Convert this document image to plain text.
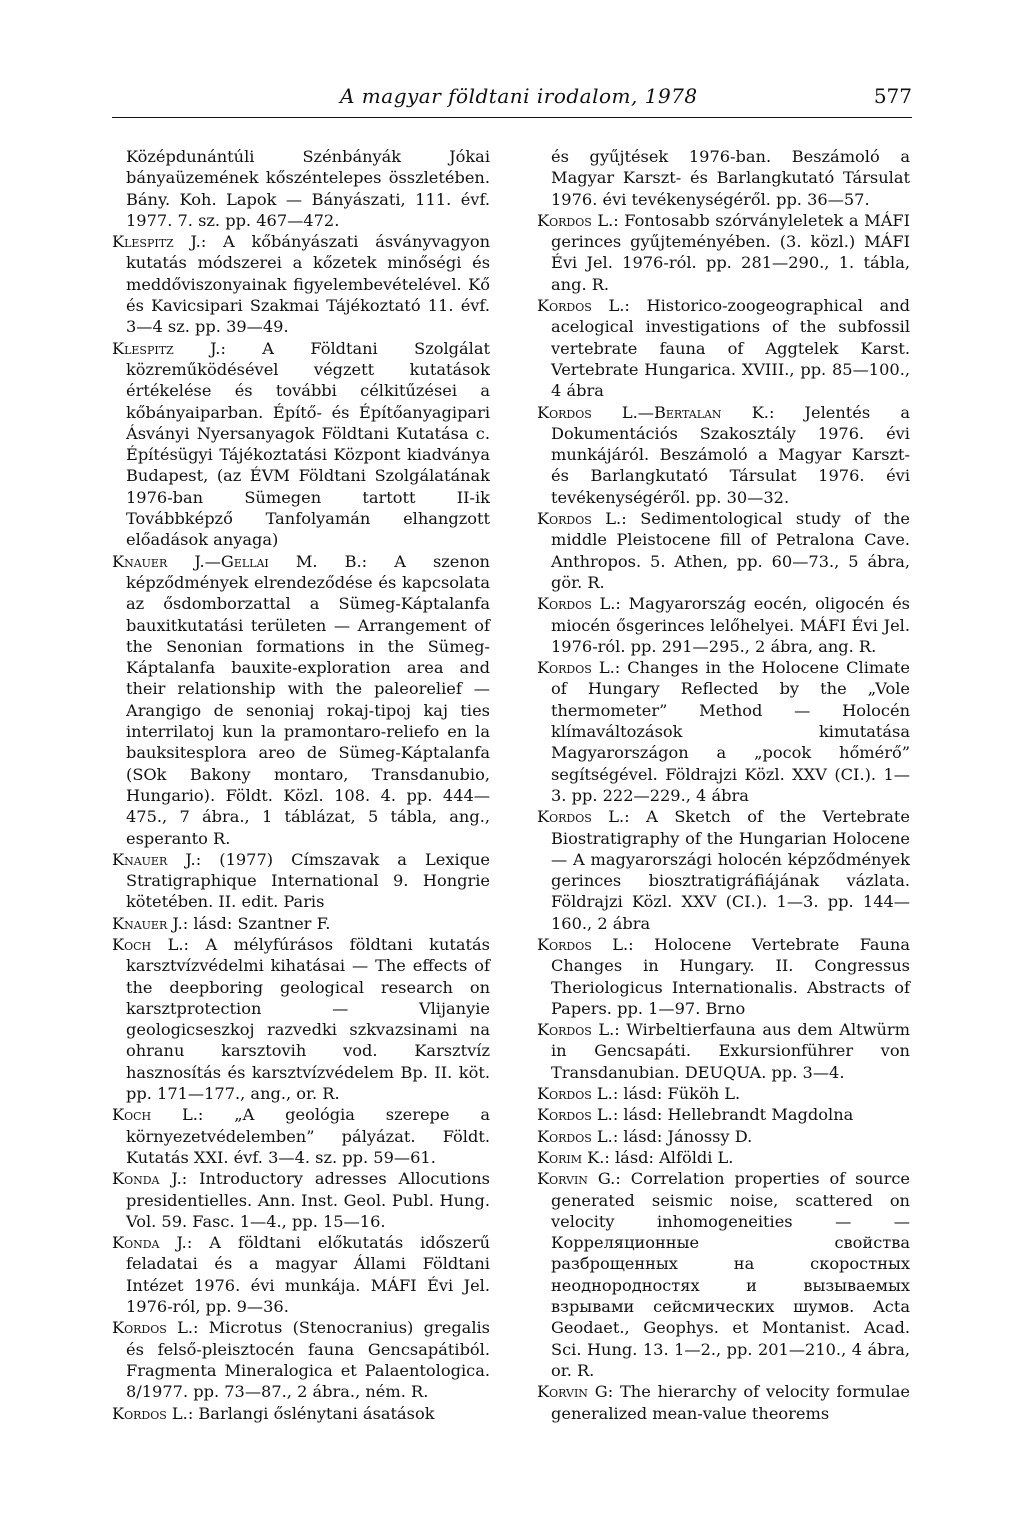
A magyar földtani irodalom, 1978	577

Középdunántúli Szénbányák Jókai bányaüzemének kőszéntelepes összletében. Bány. Koh. Lapok — Bányászati, 111. évf. 1977. 7. sz. pp. 467—472.

Klespitz J.: A kőbányászati ásványvagyon kutatás módszerei a kőzetek minőségi és meddőviszonyainak figyelembevételével. Kő és Kavicsipari Szakmai Tájékoztató 11. évf. 3—4 sz. pp. 39—49.

Klespitz J.: A Földtani Szolgálat közreműködésével végzett kutatások értékelése és további célkitűzései a kőbányaiparban. Építő- és Építőanyagipari Ásványi Nyersanyagok Földtani Kutatása c. Építésügyi Tájékoztatási Központ kiadványa Budapest, (az ÉVM Földtani Szolgálatának 1976-ban Sümegen tartott II-ik Továbbképző Tanfolyamán elhangzott előadások anyaga)

Knauer J.—Gellai M. B.: A szenon képződmények elrendeződése és kapcsolata az ősdomborzattal a Sümeg-Káptalanfa bauxitkutatási területen — Arrangement of the Senonian formations in the Sümeg-Káptalanfa bauxite-exploration area and their relationship with the paleorelief — Arangigo de senoniaj rokaj-tipoj kaj ties interrilatoj kun la pramontaro-reliefo en la bauksitesplora areo de Sümeg-Káptalanfa (SOk Bakony montaro, Transdanubio, Hungario). Földt. Közl. 108. 4. pp. 444—475., 7 ábra., 1 táblázat, 5 tábla, ang., esperanto R.

Knauer J.: (1977) Címszavak a Lexique Stratigraphique International 9. Hongrie kötetében. II. edit. Paris

Knauer J.: lásd: Szantner F.

Koch L.: A mélyfúrásos földtani kutatás karsztvízvédelmi kihatásai — The effects of the deepboring geological research on karsztprotection — Vlijanyie geologicseszkoj razvedki szkvazsinami na ohranu karsztovih vod. Karsztvíz hasznosítás és karsztvízvédelem Bp. II. köt. pp. 171—177., ang., or. R.

Koch L.: „A geológia szerepe a környezetvédelemben” pályázat. Földt. Kutatás XXI. évf. 3—4. sz. pp. 59—61.

Konda J.: Introductory adresses Allocutions presidentielles. Ann. Inst. Geol. Publ. Hung. Vol. 59. Fasc. 1—4., pp. 15—16.

Konda J.: A földtani előkutatás időszerű feladatai és a magyar Állami Földtani Intézet 1976. évi munkája. MÁFI Évi Jel. 1976-ról, pp. 9—36.

Kordos L.: Microtus (Stenocranius) gregalis és felső-pleisztocén fauna Gencsapátiból. Fragmenta Mineralogica et Palaentologica. 8/1977. pp. 73—87., 2 ábra., ném. R.

Kordos L.: Barlangi őslénytani ásatások

és gyűjtések 1976-ban. Beszámoló a Magyar Karszt- és Barlangkutató Társulat 1976. évi tevékenységéről. pp. 36—57.

Kordos L.: Fontosabb szórványleletek a MÁFI gerinces gyűjteményében. (3. közl.) MÁFI Évi Jel. 1976-ról. pp. 281—290., 1. tábla, ang. R.

Kordos L.: Historico-zoogeographical and acelogical investigations of the subfossil vertebrate fauna of Aggtelek Karst. Vertebrate Hungarica. XVIII., pp. 85—100., 4 ábra

Kordos L.—Bertalan K.: Jelentés a Dokumentációs Szakosztály 1976. évi munkájáról. Beszámoló a Magyar Karszt- és Barlangkutató Társulat 1976. évi tevékenységéről. pp. 30—32.

Kordos L.: Sedimentological study of the middle Pleistocene fill of Petralona Cave. Anthropos. 5. Athen, pp. 60—73., 5 ábra, gör. R.

Kordos L.: Magyarország eocén, oligocén és miocén ősgerinces lelőhelyei. MÁFI Évi Jel. 1976-ról. pp. 291—295., 2 ábra, ang. R.

Kordos L.: Changes in the Holocene Climate of Hungary Reflected by the „Vole thermometer” Method — Holocén klímaváltozások kimutatása Magyarországon a „pocok hőmérő” segítségével. Földrajzi Közl. XXV (CI.). 1—3. pp. 222—229., 4 ábra

Kordos L.: A Sketch of the Vertebrate Biostratigraphy of the Hungarian Holocene — A magyarországi holocén képződmények gerinces biosztratigráfiájának vázlata. Földrajzi Közl. XXV (CI.). 1—3. pp. 144—160., 2 ábra

Kordos L.: Holocene Vertebrate Fauna Changes in Hungary. II. Congressus Theriologicus Internationalis. Abstracts of Papers. pp. 1—97. Brno

Kordos L.: Wirbeltierfauna aus dem Altwürm in Gencsapáti. Exkursionführer von Transdanubian. DEUQUA. pp. 3—4.

Kordos L.: lásd: Füköh L.

Kordos L.: lásd: Hellebrandt Magdolna

Kordos L.: lásd: Jánossy D.

Korim K.: lásd: Alföldi L.

Korvin G.: Correlation properties of source generated seismic noise, scattered on velocity inhomogeneities — — Корреляционные свойства разброщенных на скоростных неоднородностях и вызываемых взрывами сейсмических шумов. Acta Geodaet., Geophys. et Montanist. Acad. Sci. Hung. 13. 1—2., pp. 201—210., 4 ábra, or. R.

Korvin G: The hierarchy of velocity formulae generalized mean-value theorems
